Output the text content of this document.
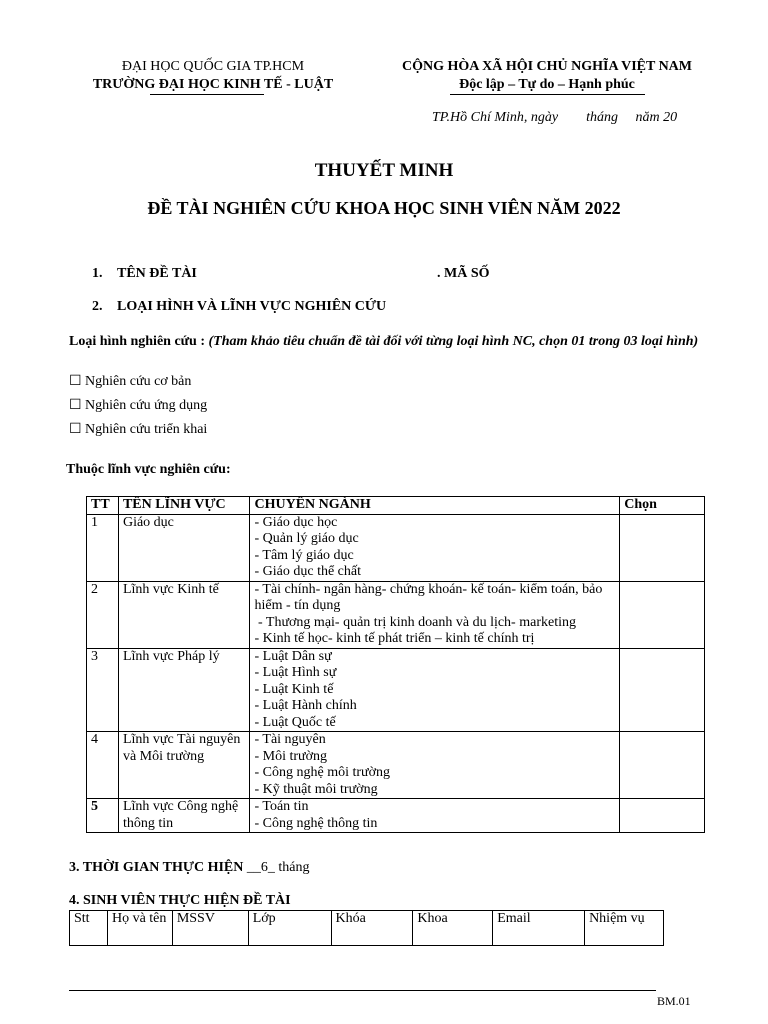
ĐẠI HỌC QUỐC GIA TP.HCM
TRƯỜNG ĐẠI HỌC KINH TẾ - LUẬT
CỘNG HÒA XÃ HỘI CHỦ NGHĨA VIỆT NAM
Độc lập – Tự do – Hạnh phúc
TP.Hồ Chí Minh, ngày        tháng     năm 20
THUYẾT MINH
ĐỀ TÀI NGHIÊN CỨU KHOA HỌC SINH VIÊN NĂM 2022
1. TÊN ĐỀ TÀI	. MÃ SỐ
2. LOẠI HÌNH VÀ LĨNH VỰC NGHIÊN CỨU
Loại hình nghiên cứu : (Tham khảo tiêu chuẩn đề tài đối với từng loại hình NC, chọn 01 trong 03 loại hình)
☐ Nghiên cứu cơ bản
☐ Nghiên cứu ứng dụng
☐ Nghiên cứu triển khai
Thuộc lĩnh vực nghiên cứu:
TT	TÊN LĨNH VỰC	CHUYÊN NGÀNH	Chọn
1	Giáo dục	- Giáo dục học
- Quản lý giáo dục
- Tâm lý giáo dục
- Giáo dục thể chất	

2	Lĩnh vực Kinh tế	- Tài chính- ngân hàng- chứng khoán- kế toán- kiểm toán, bảo hiểm - tín dụng
- Thương mại- quản trị kinh doanh và du lịch- marketing
- Kinh tế học- kinh tế phát triển – kinh tế chính trị	

3	Lĩnh vực Pháp lý	- Luật Dân sự
- Luật Hình sự
- Luật Kinh tế
- Luật Hành chính
- Luật Quốc tế	

4	Lĩnh vực Tài nguyên và Môi trường	- Tài nguyên
- Môi trường
- Công nghệ môi trường
- Kỹ thuật môi trường	

5	Lĩnh vực Công nghệ thông tin	- Toán tin
- Công nghệ thông tin	

3. THỜI GIAN THỰC HIỆN __6_ tháng
4. SINH VIÊN THỰC HIỆN ĐỀ TÀI
Stt	Họ và tên	MSSV	Lớp	Khóa	Khoa	Email	Nhiệm vụ
BM.01
